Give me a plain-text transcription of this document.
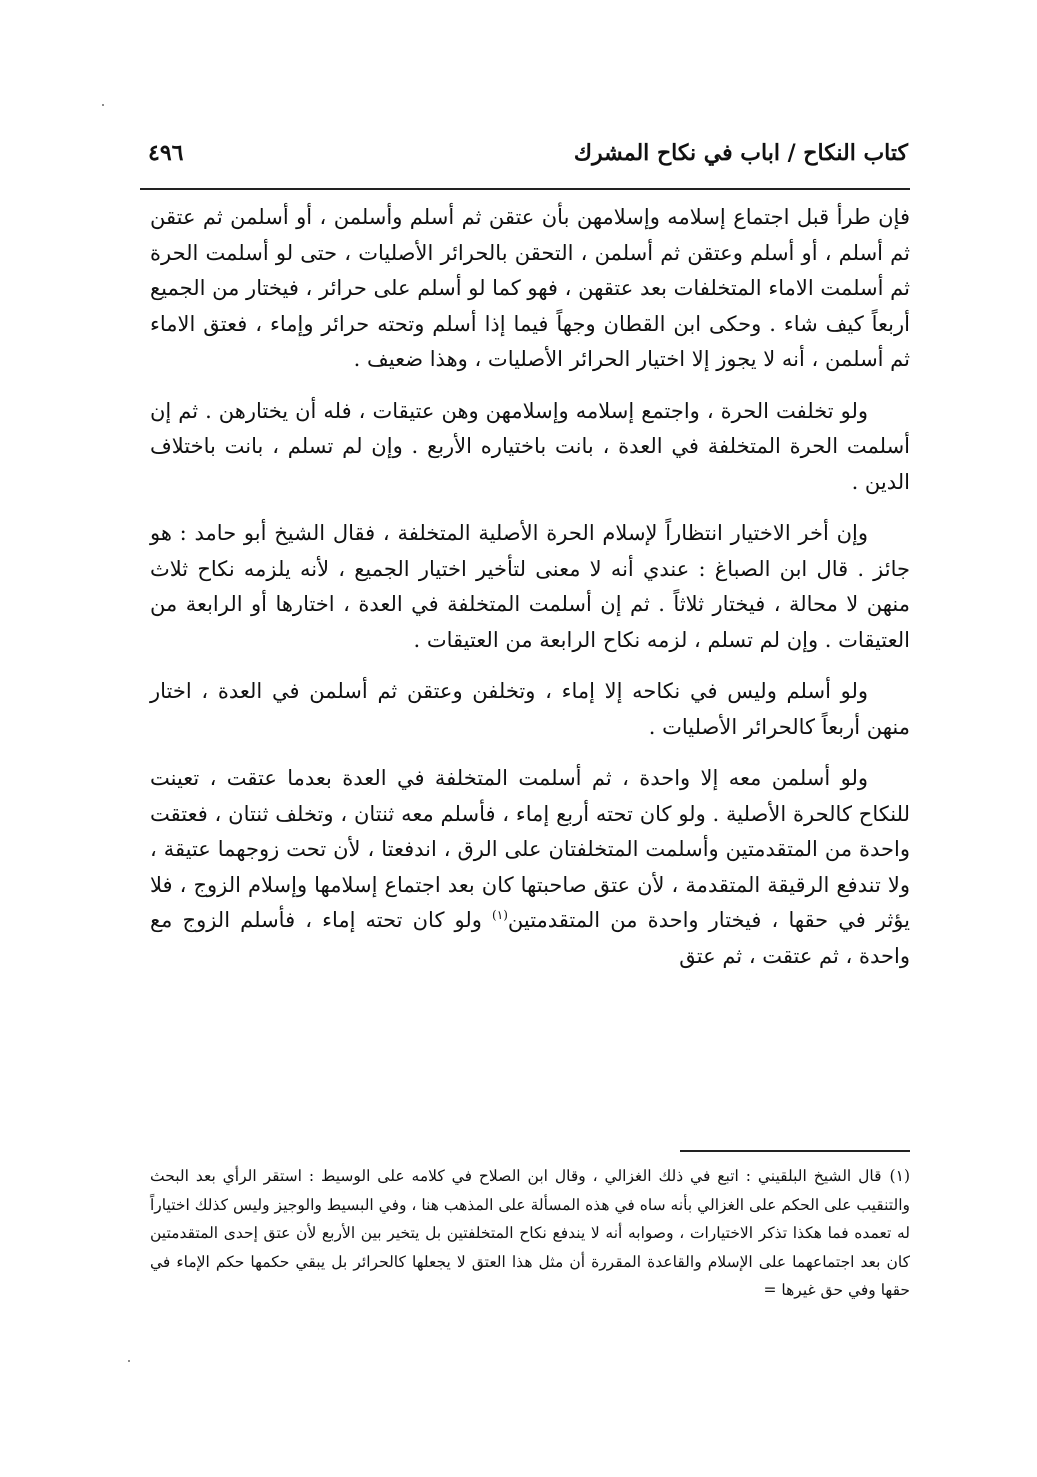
كتاب النكاح / اباب في نكاح المشرك
٤٩٦

فإن طرأ قبل اجتماع إسلامه وإسلامهن بأن عتقن ثم أسلم وأسلمن ، أو أسلمن ثم عتقن ثم أسلم ، أو أسلم وعتقن ثم أسلمن ، التحقن بالحرائر الأصليات ، حتى لو أسلمت الحرة ثم أسلمت الاماء المتخلفات بعد عتقهن ، فهو كما لو أسلم على حرائر ، فيختار من الجميع أربعاً كيف شاء . وحكى ابن القطان وجهاً فيما إذا أسلم وتحته حرائر وإماء ، فعتق الاماء ثم أسلمن ، أنه لا يجوز إلا اختيار الحرائر الأصليات ، وهذا ضعيف .

ولو تخلفت الحرة ، واجتمع إسلامه وإسلامهن وهن عتيقات ، فله أن يختارهن . ثم إن أسلمت الحرة المتخلفة في العدة ، بانت باختياره الأربع . وإن لم تسلم ، بانت باختلاف الدين .

وإن أخر الاختيار انتظاراً لإسلام الحرة الأصلية المتخلفة ، فقال الشيخ أبو حامد : هو جائز . قال ابن الصباغ : عندي أنه لا معنى لتأخير اختيار الجميع ، لأنه يلزمه نكاح ثلاث منهن لا محالة ، فيختار ثلاثاً . ثم إن أسلمت المتخلفة في العدة ، اختارها أو الرابعة من العتيقات . وإن لم تسلم ، لزمه نكاح الرابعة من العتيقات .

ولو أسلم وليس في نكاحه إلا إماء ، وتخلفن وعتقن ثم أسلمن في العدة ، اختار منهن أربعاً كالحرائر الأصليات .

ولو أسلمن معه إلا واحدة ، ثم أسلمت المتخلفة في العدة بعدما عتقت ، تعينت للنكاح كالحرة الأصلية . ولو كان تحته أربع إماء ، فأسلم معه ثنتان ، وتخلف ثنتان ، فعتقت واحدة من المتقدمتين وأسلمت المتخلفتان على الرق ، اندفعتا ، لأن تحت زوجهما عتيقة ، ولا تندفع الرقيقة المتقدمة ، لأن عتق صاحبتها كان بعد اجتماع إسلامها وإسلام الزوج ، فلا يؤثر في حقها ، فيختار واحدة من المتقدمتين$^{(١)}$ ولو كان تحته إماء ، فأسلم الزوج مع واحدة ، ثم عتقت ، ثم عتق

(١)قال الشيخ البلقيني : اتبع في ذلك الغزالي ، وقال ابن الصلاح في كلامه على الوسيط : استقر الرأي بعد البحث والتنقيب على الحكم على الغزالي بأنه ساه في هذه المسألة على المذهب هنا ، وفي البسيط والوجيز وليس كذلك اختياراً له تعمده فما هكذا تذكر الاختيارات ، وصوابه أنه لا يندفع نكاح المتخلفتين بل يتخير بين الأربع لأن عتق إحدى المتقدمتين كان بعد اجتماعهما على الإسلام والقاعدة المقررة أن مثل هذا العتق لا يجعلها كالحرائر بل يبقي حكمها حكم الإماء في حقها وفي حق غيرها =
